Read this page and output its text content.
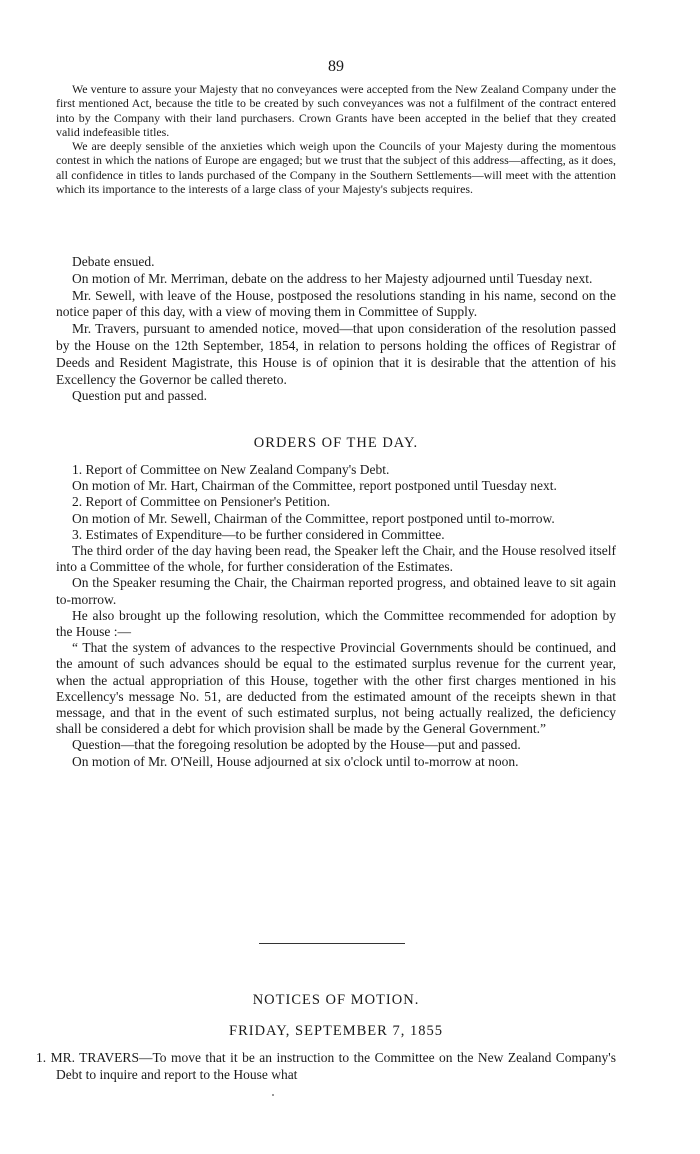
89

We venture to assure your Majesty that no conveyances were accepted from the New Zealand Company under the first mentioned Act, because the title to be created by such conveyances was not a fulfilment of the contract entered into by the Company with their land purchasers. Crown Grants have been accepted in the belief that they created valid indefeasible titles.

We are deeply sensible of the anxieties which weigh upon the Councils of your Majesty during the momentous contest in which the nations of Europe are engaged; but we trust that the subject of this address—affecting, as it does, all confidence in titles to lands purchased of the Company in the Southern Settlements—will meet with the attention which its importance to the interests of a large class of your Majesty's subjects requires.

Debate ensued.

On motion of Mr. Merriman, debate on the address to her Majesty adjourned until Tuesday next.

Mr. Sewell, with leave of the House, postposed the resolutions standing in his name, second on the notice paper of this day, with a view of moving them in Committee of Supply.

Mr. Travers, pursuant to amended notice, moved—that upon consideration of the resolution passed by the House on the 12th September, 1854, in relation to persons holding the offices of Registrar of Deeds and Resident Magistrate, this House is of opinion that it is desirable that the attention of his Excellency the Governor be called thereto.

Question put and passed.

ORDERS OF THE DAY.

1. Report of Committee on New Zealand Company's Debt.

On motion of Mr. Hart, Chairman of the Committee, report postponed until Tuesday next.

2. Report of Committee on Pensioner's Petition.

On motion of Mr. Sewell, Chairman of the Committee, report postponed until to-morrow.

3. Estimates of Expenditure—to be further considered in Committee.

The third order of the day having been read, the Speaker left the Chair, and the House resolved itself into a Committee of the whole, for further consideration of the Estimates.

On the Speaker resuming the Chair, the Chairman reported progress, and obtained leave to sit again to-morrow.

He also brought up the following resolution, which the Committee recommended for adoption by the House :—

“ That the system of advances to the respective Provincial Governments should be continued, and the amount of such advances should be equal to the estimated surplus revenue for the current year, when the actual appropriation of this House, together with the other first charges mentioned in his Excellency's message No. 51, are deducted from the estimated amount of the receipts shewn in that message, and that in the event of such estimated surplus, not being actually realized, the deficiency shall be considered a debt for which provision shall be made by the General Government.”

Question—that the foregoing resolution be adopted by the House—put and passed.

On motion of Mr. O'Neill, House adjourned at six o'clock until to-morrow at noon.

NOTICES OF MOTION.

FRIDAY, SEPTEMBER 7, 1855

1. MR. TRAVERS—To move that it be an instruction to the Committee on the New Zealand Company's Debt to inquire and report to the House what
